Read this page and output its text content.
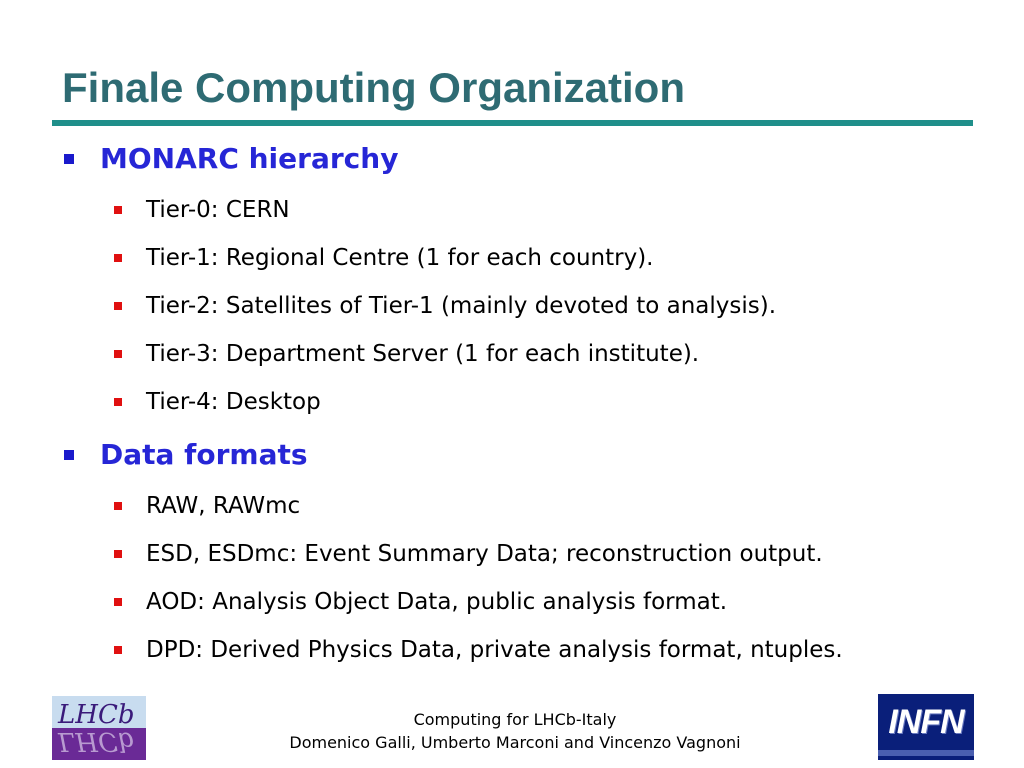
Finale Computing Organization
MONARC hierarchy
Tier-0: CERN
Tier-1: Regional Centre (1 for each country).
Tier-2: Satellites of Tier-1 (mainly devoted to analysis).
Tier-3: Department Server (1 for each institute).
Tier-4: Desktop
Data formats
RAW, RAWmc
ESD, ESDmc: Event Summary Data; reconstruction output.
AOD: Analysis Object Data, public analysis format.
DPD: Derived Physics Data, private analysis format, ntuples.
LHCb
LHCb
Computing for LHCb-Italy
Domenico Galli, Umberto Marconi and Vincenzo Vagnoni
INFN
